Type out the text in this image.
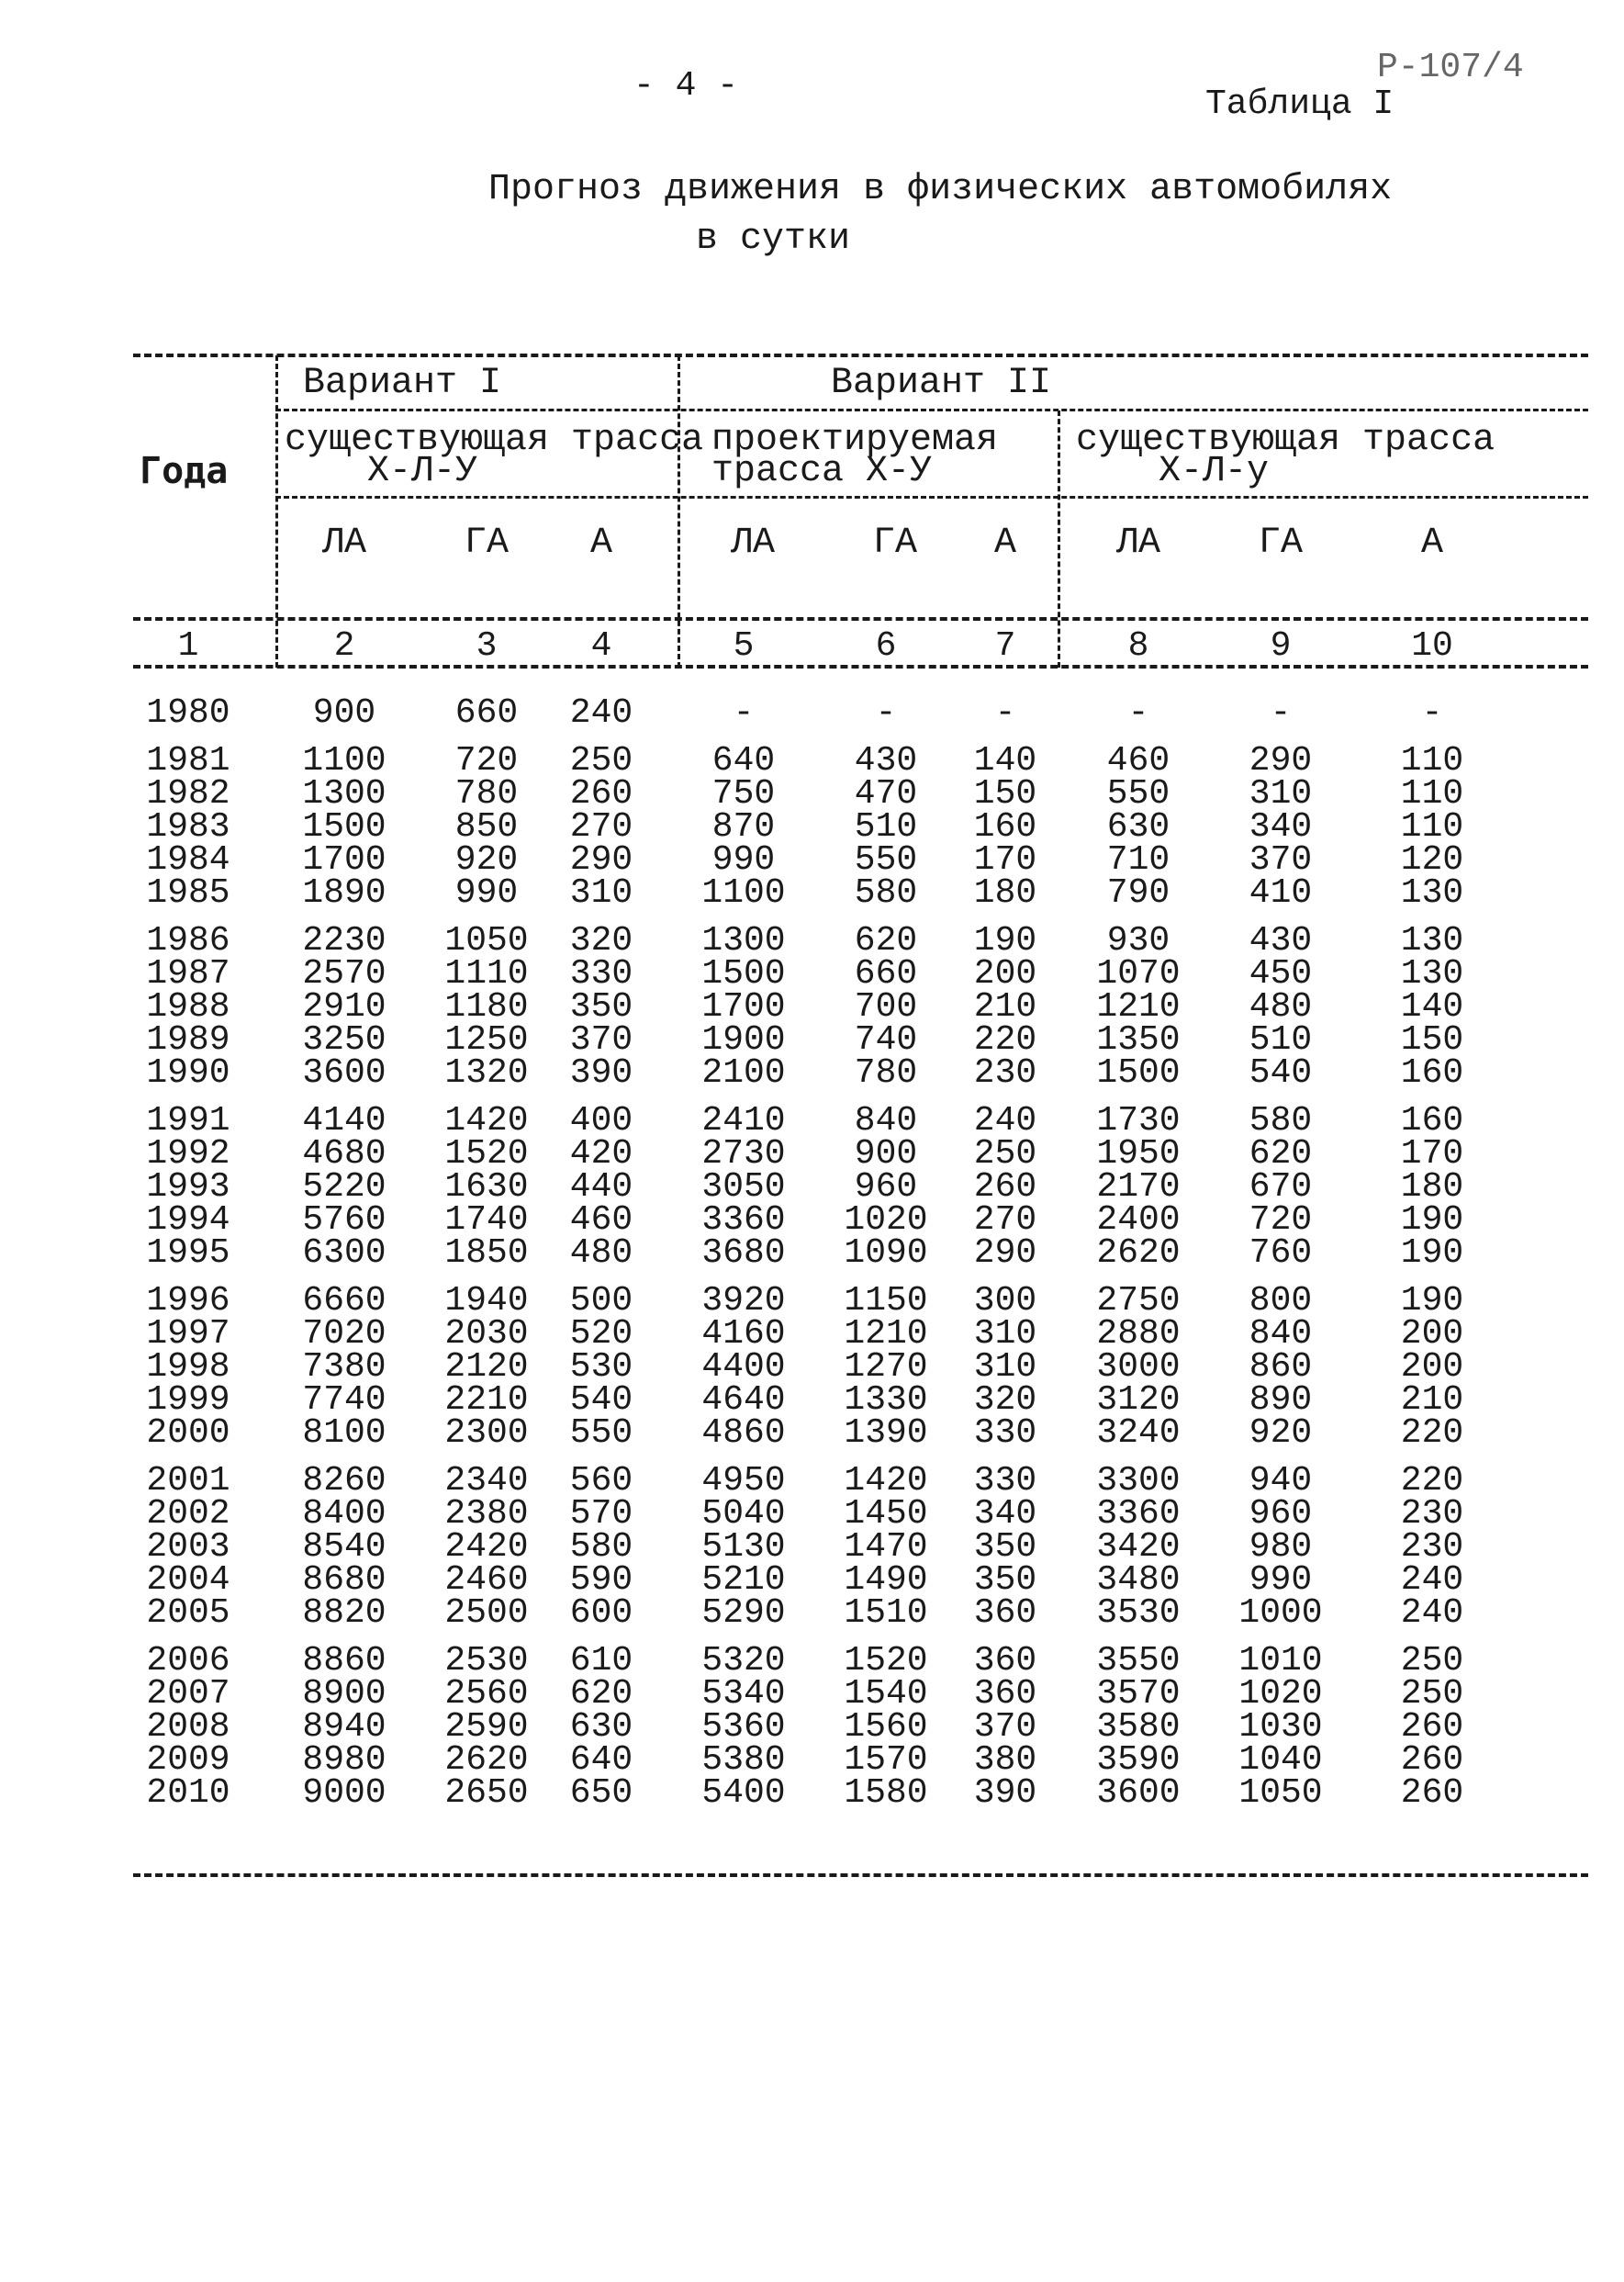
- 4 -	Р-107/4
Таблица I
Прогноз движения в физических автомобилях
в сутки
Года
Вариант I	Вариант II
существующая трасса
Х-Л-У
проектируемая
трасса Х-У
существующая трасса
Х-Л-у
ЛА	ГА	А	ЛА	ГА	А	ЛА	ГА	А
1	2	3	4	5	6	7	8	9	10
1980	900	660	240	-	-	-	-	-	-
1981	1100	720	250	640	430	140	460	290	110
1982	1300	780	260	750	470	150	550	310	110
1983	1500	850	270	870	510	160	630	340	110
1984	1700	920	290	990	550	170	710	370	120
1985	1890	990	310	1100	580	180	790	410	130
1986	2230	1050	320	1300	620	190	930	430	130
1987	2570	1110	330	1500	660	200	1070	450	130
1988	2910	1180	350	1700	700	210	1210	480	140
1989	3250	1250	370	1900	740	220	1350	510	150
1990	3600	1320	390	2100	780	230	1500	540	160
1991	4140	1420	400	2410	840	240	1730	580	160
1992	4680	1520	420	2730	900	250	1950	620	170
1993	5220	1630	440	3050	960	260	2170	670	180
1994	5760	1740	460	3360	1020	270	2400	720	190
1995	6300	1850	480	3680	1090	290	2620	760	190
1996	6660	1940	500	3920	1150	300	2750	800	190
1997	7020	2030	520	4160	1210	310	2880	840	200
1998	7380	2120	530	4400	1270	310	3000	860	200
1999	7740	2210	540	4640	1330	320	3120	890	210
2000	8100	2300	550	4860	1390	330	3240	920	220
2001	8260	2340	560	4950	1420	330	3300	940	220
2002	8400	2380	570	5040	1450	340	3360	960	230
2003	8540	2420	580	5130	1470	350	3420	980	230
2004	8680	2460	590	5210	1490	350	3480	990	240
2005	8820	2500	600	5290	1510	360	3530	1000	240
2006	8860	2530	610	5320	1520	360	3550	1010	250
2007	8900	2560	620	5340	1540	360	3570	1020	250
2008	8940	2590	630	5360	1560	370	3580	1030	260
2009	8980	2620	640	5380	1570	380	3590	1040	260
2010	9000	2650	650	5400	1580	390	3600	1050	260
